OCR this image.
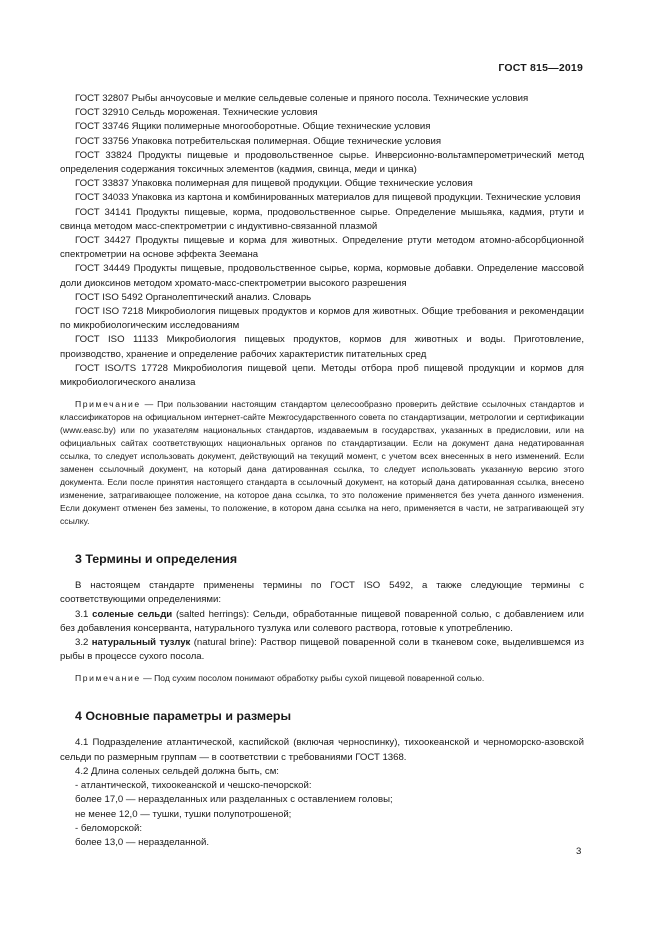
ГОСТ 815—2019

ГОСТ 32807 Рыбы анчоусовые и мелкие сельдевые соленые и пряного посола. Технические условия

ГОСТ 32910 Сельдь мороженая. Технические условия

ГОСТ 33746 Ящики полимерные многооборотные. Общие технические условия

ГОСТ 33756 Упаковка потребительская полимерная. Общие технические условия

ГОСТ 33824 Продукты пищевые и продовольственное сырье. Инверсионно-вольтамперометрический метод определения содержания токсичных элементов (кадмия, свинца, меди и цинка)

ГОСТ 33837 Упаковка полимерная для пищевой продукции. Общие технические условия

ГОСТ 34033 Упаковка из картона и комбинированных материалов для пищевой продукции. Технические условия

ГОСТ 34141 Продукты пищевые, корма, продовольственное сырье. Определение мышьяка, кадмия, ртути и свинца методом масс-спектрометрии с индуктивно-связанной плазмой

ГОСТ 34427 Продукты пищевые и корма для животных. Определение ртути методом атомно-абсорбционной спектрометрии на основе эффекта Зеемана

ГОСТ 34449 Продукты пищевые, продовольственное сырье, корма, кормовые добавки. Определение массовой доли диоксинов методом хромато-масс-спектрометрии высокого разрешения

ГОСТ ISO 5492 Органолептический анализ. Словарь

ГОСТ ISO 7218 Микробиология пищевых продуктов и кормов для животных. Общие требования и рекомендации по микробиологическим исследованиям

ГОСТ ISO 11133 Микробиология пищевых продуктов, кормов для животных и воды. Приготовление, производство, хранение и определение рабочих характеристик питательных сред

ГОСТ ISO/TS 17728 Микробиология пищевой цепи. Методы отбора проб пищевой продукции и кормов для микробиологического анализа

Примечание — При пользовании настоящим стандартом целесообразно проверить действие ссылочных стандартов и классификаторов на официальном интернет-сайте Межгосударственного совета по стандартизации, метрологии и сертификации (www.easc.by) или по указателям национальных стандартов, издаваемым в государствах, указанных в предисловии, или на официальных сайтах соответствующих национальных органов по стандартизации. Если на документ дана недатированная ссылка, то следует использовать документ, действующий на текущий момент, с учетом всех внесенных в него изменений. Если заменен ссылочный документ, на который дана датированная ссылка, то следует использовать указанную версию этого документа. Если после принятия настоящего стандарта в ссылочный документ, на который дана датированная ссылка, внесено изменение, затрагивающее положение, на которое дана ссылка, то это положение применяется без учета данного изменения. Если документ отменен без замены, то положение, в котором дана ссылка на него, применяется в части, не затрагивающей эту ссылку.

3 Термины и определения

В настоящем стандарте применены термины по ГОСТ ISO 5492, а также следующие термины с соответствующими определениями:

3.1 соленые сельди (salted herrings): Сельди, обработанные пищевой поваренной солью, с добавлением или без добавления консерванта, натурального тузлука или солевого раствора, готовые к употреблению.

3.2 натуральный тузлук (natural brine): Раствор пищевой поваренной соли в тканевом соке, выделившемся из рыбы в процессе сухого посола.

Примечание — Под сухим посолом понимают обработку рыбы сухой пищевой поваренной солью.

4 Основные параметры и размеры

4.1 Подразделение атлантической, каспийской (включая черноспинку), тихоокеанской и черноморско-азовской сельди по размерным группам — в соответствии с требованиями ГОСТ 1368.

4.2 Длина соленых сельдей должна быть, см:

- атлантической, тихоокеанской и чешско-печорской:

более 17,0 — неразделанных или разделанных с оставлением головы;

не менее 12,0 — тушки, тушки полупотрошеной;

- беломорской:

более 13,0 — неразделанной.

3
